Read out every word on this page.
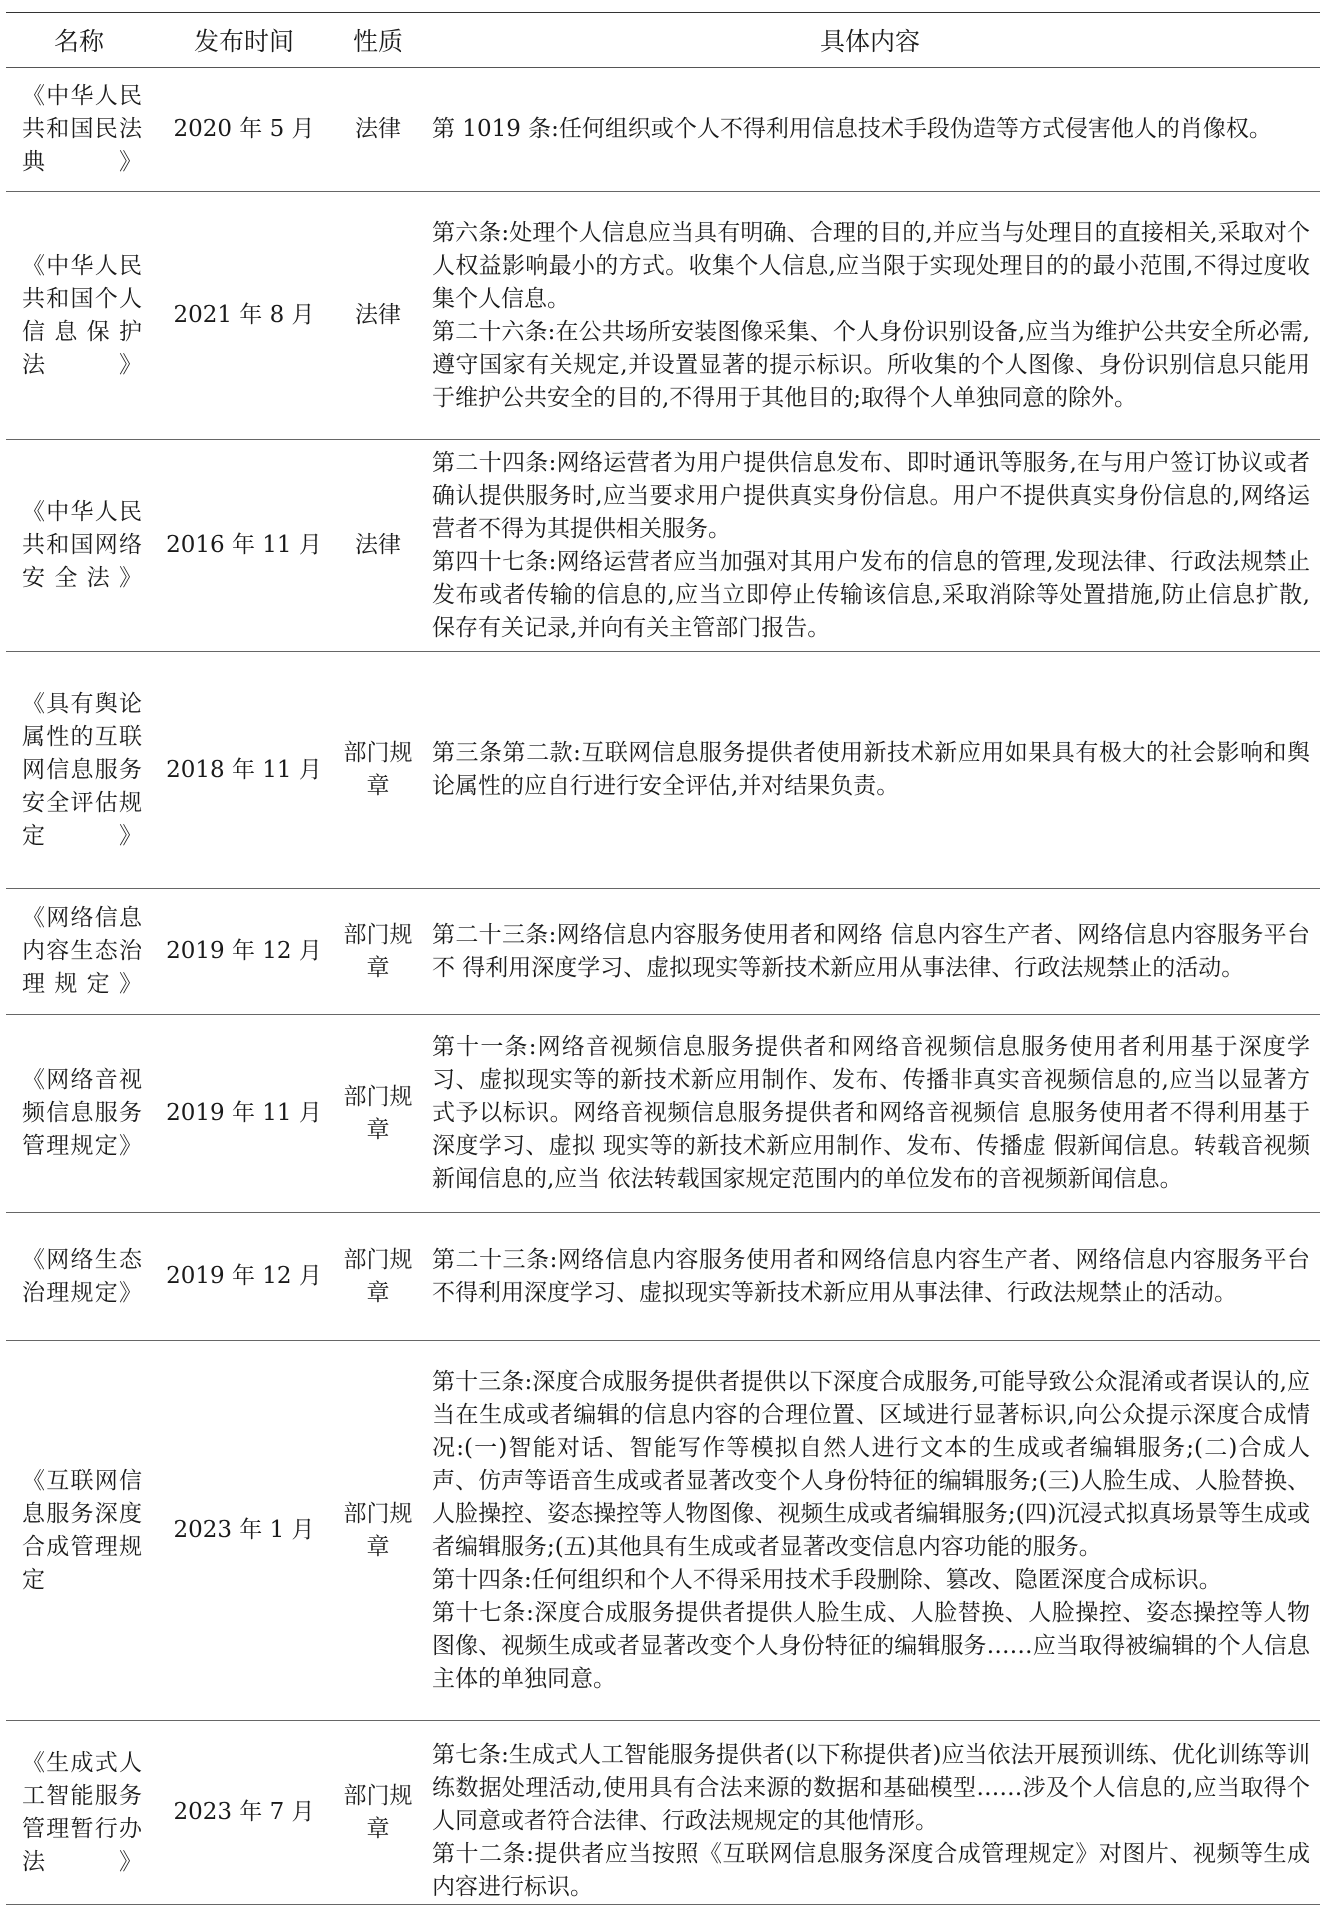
名称	发布时间	性质	具体内容
《中华人民共和国民法典》	2020 年 5 月	法律	第 1019 条:任何组织或个人不得利用信息技术手段伪造等方式侵害他人的肖像权。

《中华人民共和国个人信息保护法》	2021 年 8 月	法律	第六条:处理个人信息应当具有明确、合理的目的,并应当与处理目的直接相关,采取对个人权益影响最小的方式。收集个人信息,应当限于实现处理目的的最小范围,不得过度收集个人信息。
第二十六条:在公共场所安装图像采集、个人身份识别设备,应当为维护公共安全所必需,遵守国家有关规定,并设置显著的提示标识。所收集的个人图像、身份识别信息只能用于维护公共安全的目的,不得用于其他目的;取得个人单独同意的除外。

《中华人民共和国网络安全法》	2016 年 11 月	法律	第二十四条:网络运营者为用户提供信息发布、即时通讯等服务,在与用户签订协议或者确认提供服务时,应当要求用户提供真实身份信息。用户不提供真实身份信息的,网络运营者不得为其提供相关服务。
第四十七条:网络运营者应当加强对其用户发布的信息的管理,发现法律、行政法规禁止发布或者传输的信息的,应当立即停止传输该信息,采取消除等处置措施,防止信息扩散,保存有关记录,并向有关主管部门报告。

《具有舆论属性的互联网信息服务安全评估规定》	2018 年 11 月	部门规章	第三条第二款:互联网信息服务提供者使用新技术新应用如果具有极大的社会影响和舆论属性的应自行进行安全评估,并对结果负责。

《网络信息内容生态治理规定》	2019 年 12 月	部门规章	第二十三条:网络信息内容服务使用者和网络 信息内容生产者、网络信息内容服务平台不 得利用深度学习、虚拟现实等新技术新应用从事法律、行政法规禁止的活动。

《网络音视频信息服务管理规定》	2019 年 11 月	部门规章	第十一条:网络音视频信息服务提供者和网络音视频信息服务使用者利用基于深度学 习、虚拟现实等的新技术新应用制作、发布、传播非真实音视频信息的,应当以显著方式予以标识。网络音视频信息服务提供者和网络音视频信 息服务使用者不得利用基于深度学习、虚拟 现实等的新技术新应用制作、发布、传播虚 假新闻信息。转载音视频新闻信息的,应当 依法转载国家规定范围内的单位发布的音视频新闻信息。

《网络生态治理规定》	2019 年 12 月	部门规章	第二十三条:网络信息内容服务使用者和网络信息内容生产者、网络信息内容服务平台不得利用深度学习、虚拟现实等新技术新应用从事法律、行政法规禁止的活动。

《互联网信息服务深度合成管理规定	2023 年 1 月	部门规章	第十三条:深度合成服务提供者提供以下深度合成服务,可能导致公众混淆或者误认的,应当在生成或者编辑的信息内容的合理位置、区域进行显著标识,向公众提示深度合成情况:(一)智能对话、智能写作等模拟自然人进行文本的生成或者编辑服务;(二)合成人声、仿声等语音生成或者显著改变个人身份特征的编辑服务;(三)人脸生成、人脸替换、人脸操控、姿态操控等人物图像、视频生成或者编辑服务;(四)沉浸式拟真场景等生成或者编辑服务;(五)其他具有生成或者显著改变信息内容功能的服务。
第十四条:任何组织和个人不得采用技术手段删除、篡改、隐匿深度合成标识。
第十七条:深度合成服务提供者提供人脸生成、人脸替换、人脸操控、姿态操控等人物图像、视频生成或者显著改变个人身份特征的编辑服务……应当取得被编辑的个人信息主体的单独同意。

《生成式人工智能服务管理暂行办法》	2023 年 7 月	部门规章	第七条:生成式人工智能服务提供者(以下称提供者)应当依法开展预训练、优化训练等训练数据处理活动,使用具有合法来源的数据和基础模型……涉及个人信息的,应当取得个人同意或者符合法律、行政法规规定的其他情形。
第十二条:提供者应当按照《互联网信息服务深度合成管理规定》对图片、视频等生成内容进行标识。
